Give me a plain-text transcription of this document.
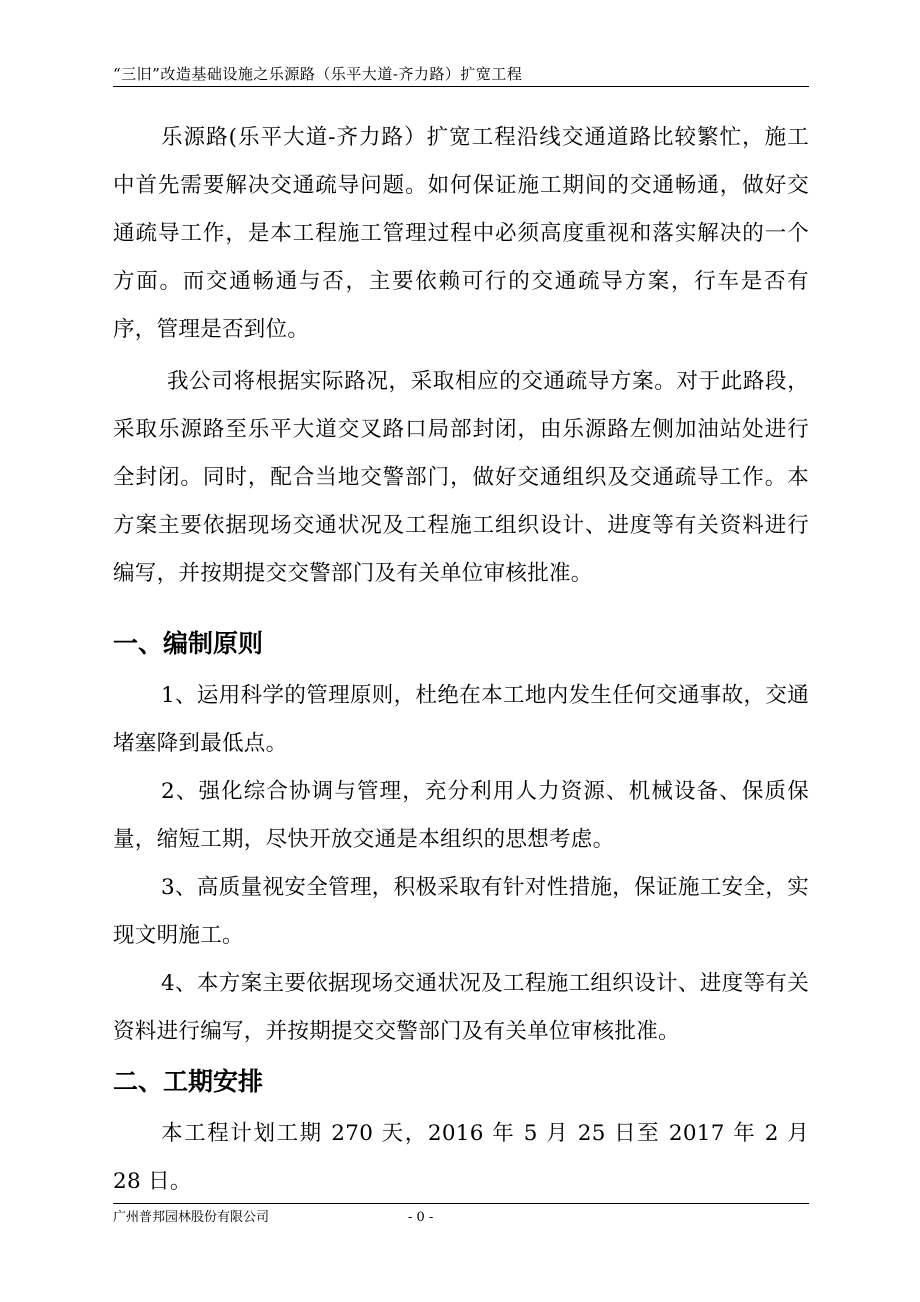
“三旧”改造基础设施之乐源路（乐平大道-齐力路）扩宽工程

乐源路(乐平大道-齐力路）扩宽工程沿线交通道路比较繁忙，施工中首先需要解决交通疏导问题。如何保证施工期间的交通畅通，做好交通疏导工作，是本工程施工管理过程中必须高度重视和落实解决的一个方面。而交通畅通与否，主要依赖可行的交通疏导方案，行车是否有序，管理是否到位。

我公司将根据实际路况，采取相应的交通疏导方案。对于此路段，采取乐源路至乐平大道交叉路口局部封闭，由乐源路左侧加油站处进行全封闭。同时，配合当地交警部门，做好交通组织及交通疏导工作。本方案主要依据现场交通状况及工程施工组织设计、进度等有关资料进行编写，并按期提交交警部门及有关单位审核批准。

一、编制原则

1、运用科学的管理原则，杜绝在本工地内发生任何交通事故，交通堵塞降到最低点。

2、强化综合协调与管理，充分利用人力资源、机械设备、保质保量，缩短工期，尽快开放交通是本组织的思想考虑。

3、高质量视安全管理，积极采取有针对性措施，保证施工安全，实现文明施工。

4、本方案主要依据现场交通状况及工程施工组织设计、进度等有关资料进行编写，并按期提交交警部门及有关单位审核批准。

二、工期安排

本工程计划工期 270 天，2016 年 5 月 25 日至 2017 年 2 月 28 日。

广州普邦园林股份有限公司	- 0 -
